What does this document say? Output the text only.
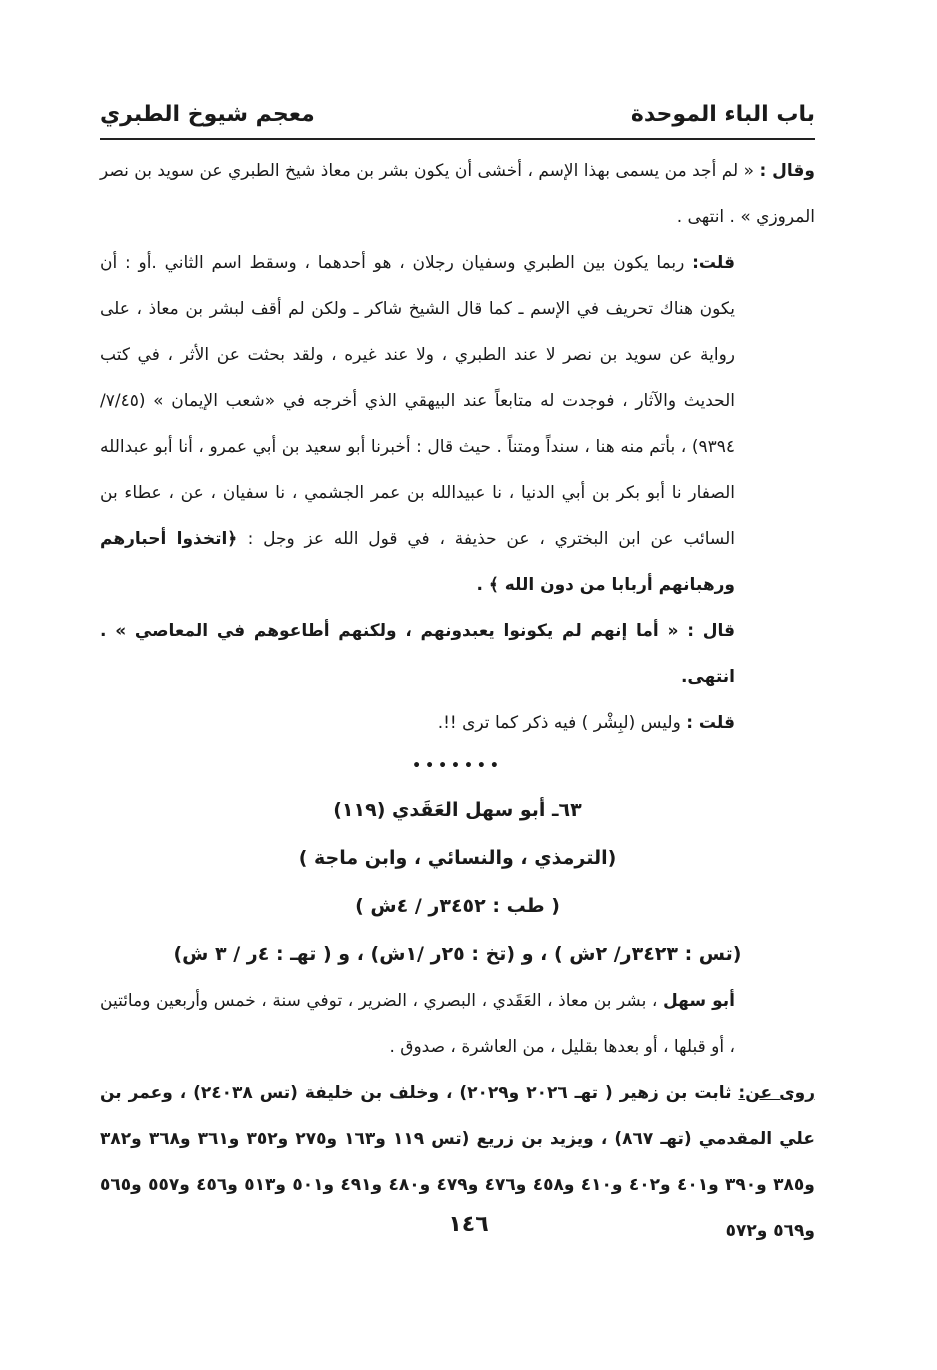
باب الباء الموحدة
معجم شيوخ الطبري

وقال : « لم أجد من يسمى بهذا الإسم ، أخشى أن يكون بشر بن معاذ شيخ الطبري عن سويد بن نصر المروزي » . انتهى .

قلت: ربما يكون بين الطبري وسفيان رجلان ، هو أحدهما ، وسقط اسم الثاني .أو : أن يكون هناك تحريف في الإسم ـ كما قال الشيخ شاكر ـ ولكن لم أقف لبشر بن معاذ ، على رواية عن سويد بن نصر لا عند الطبري ، ولا عند غيره ، ولقد بحثت عن الأثر ، في كتب الحديث والآثار ، فوجدت له متابعاً عند البيهقي الذي أخرجه في «شعب الإيمان » (٧/٤٥/ ٩٣٩٤) ، بأتم منه هنا ، سنداً ومتناً . حيث قال : أخبرنا أبو سعيد بن أبي عمرو ، أنا أبو عبدالله الصفار نا أبو بكر بن أبي الدنيا ، نا عبيدالله بن عمر الجشمي ، نا سفيان ، عن ، عطاء بن السائب عن ابن البختري ، عن حذيفة ، في قول الله عز وجل : ﴿اتخذوا أحبارهم ورهبانهم أربابا من دون الله ﴾ .

قال : « أما إنهم لم يكونوا يعبدونهم ، ولكنهم أطاعوهم في المعاصي » . انتهى.

قلت : وليس (لبِشْر ) فيه ذكر كما ترى !!.

•••••••

٦٣ـ أبو سهل العَقَدي (١١٩)

(الترمذي ، والنسائي ، وابن ماجة )

( طب : ٣٤٥٢ر / ٤ش )

(تس : ٣٤٢٣ر/ ٢ش ) ، و (تخ : ٢٥ر /١ش) ، و ( تهـ : ٤ر / ٣ ش)

أبو سهل ، بشر بن معاذ ، العَقَدي ، البصري ، الضرير ، توفي سنة ، خمس وأربعين ومائتين ، أو قبلها ، أو بعدها بقليل ، من العاشرة ، صدوق .

روى عن: ثابت بن زهير ( تهـ ٢٠٢٦ و٢٠٢٩) ، وخلف بن خليفة (تس ٢٤٠٣٨) ، وعمر بن علي المقدمي (تهـ ٨٦٧) ، ويزيد بن زريع (تس ١١٩ و١٦٣ و٢٧٥ و٣٥٢ و٣٦١ و٣٦٨ و٣٨٢ و٣٨٥ و٣٩٠ و٤٠١ و٤٠٢ و٤١٠ و٤٥٨ و٤٧٦ و٤٧٩ و٤٨٠ و٤٩١ و٥٠١ و٥١٣ و٤٥٦ و٥٥٧ و٥٦٥ و٥٦٩ و٥٧٢

١٤٦
